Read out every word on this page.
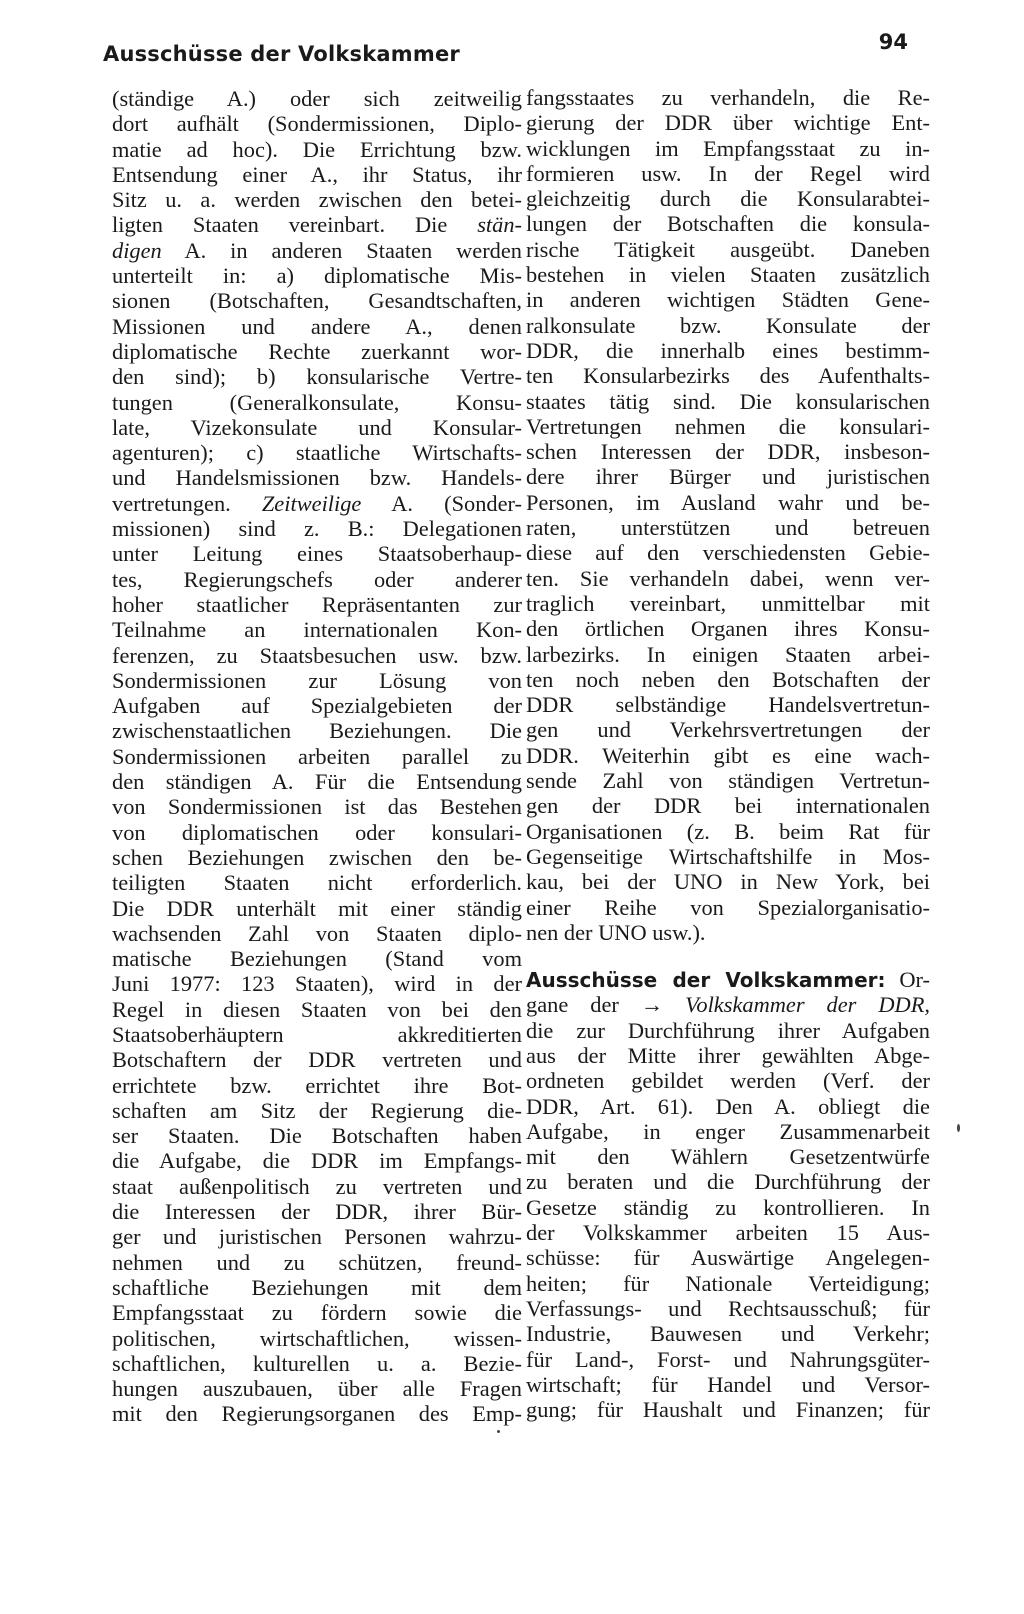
Ausschüsse der Volkskammer	94
(ständige A.) oder sich zeitweilig
dort aufhält (Sondermissionen, Diplo-
matie ad hoc). Die Errichtung bzw.
Entsendung einer A., ihr Status, ihr
Sitz u. a. werden zwischen den betei-
ligten Staaten vereinbart. Die stän-
digen A. in anderen Staaten werden
unterteilt in: a) diplomatische Mis-
sionen (Botschaften, Gesandtschaften,
Missionen und andere A., denen
diplomatische Rechte zuerkannt wor-
den sind); b) konsularische Vertre-
tungen (Generalkonsulate, Konsu-
late, Vizekonsulate und Konsular-
agenturen); c) staatliche Wirtschafts-
und Handelsmissionen bzw. Handels-
vertretungen. Zeitweilige A. (Sonder-
missionen) sind z. B.: Delegationen
unter Leitung eines Staatsoberhaup-
tes, Regierungschefs oder anderer
hoher staatlicher Repräsentanten zur
Teilnahme an internationalen Kon-
ferenzen, zu Staatsbesuchen usw. bzw.
Sondermissionen zur Lösung von
Aufgaben auf Spezialgebieten der
zwischenstaatlichen Beziehungen. Die
Sondermissionen arbeiten parallel zu
den ständigen A. Für die Entsendung
von Sondermissionen ist das Bestehen
von diplomatischen oder konsulari-
schen Beziehungen zwischen den be-
teiligten Staaten nicht erforderlich.
Die DDR unterhält mit einer ständig
wachsenden Zahl von Staaten diplo-
matische Beziehungen (Stand vom
Juni 1977: 123 Staaten), wird in der
Regel in diesen Staaten von bei den
Staatsoberhäuptern akkreditierten
Botschaftern der DDR vertreten und
errichtete bzw. errichtet ihre Bot-
schaften am Sitz der Regierung die-
ser Staaten. Die Botschaften haben
die Aufgabe, die DDR im Empfangs-
staat außenpolitisch zu vertreten und
die Interessen der DDR, ihrer Bür-
ger und juristischen Personen wahrzu-
nehmen und zu schützen, freund-
schaftliche Beziehungen mit dem
Empfangsstaat zu fördern sowie die
politischen, wirtschaftlichen, wissen-
schaftlichen, kulturellen u. a. Bezie-
hungen auszubauen, über alle Fragen
mit den Regierungsorganen des Emp-
fangsstaates zu verhandeln, die Re-
gierung der DDR über wichtige Ent-
wicklungen im Empfangsstaat zu in-
formieren usw. In der Regel wird
gleichzeitig durch die Konsularabtei-
lungen der Botschaften die konsula-
rische Tätigkeit ausgeübt. Daneben
bestehen in vielen Staaten zusätzlich
in anderen wichtigen Städten Gene-
ralkonsulate bzw. Konsulate der
DDR, die innerhalb eines bestimm-
ten Konsularbezirks des Aufenthalts-
staates tätig sind. Die konsularischen
Vertretungen nehmen die konsulari-
schen Interessen der DDR, insbeson-
dere ihrer Bürger und juristischen
Personen, im Ausland wahr und be-
raten, unterstützen und betreuen
diese auf den verschiedensten Gebie-
ten. Sie verhandeln dabei, wenn ver-
traglich vereinbart, unmittelbar mit
den örtlichen Organen ihres Konsu-
larbezirks. In einigen Staaten arbei-
ten noch neben den Botschaften der
DDR selbständige Handelsvertretun-
gen und Verkehrsvertretungen der
DDR. Weiterhin gibt es eine wach-
sende Zahl von ständigen Vertretun-
gen der DDR bei internationalen
Organisationen (z. B. beim Rat für
Gegenseitige Wirtschaftshilfe in Mos-
kau, bei der UNO in New York, bei
einer Reihe von Spezialorganisatio-
nen der UNO usw.).
Ausschüsse der Volkskammer: Or-
gane der → Volkskammer der DDR,
die zur Durchführung ihrer Aufgaben
aus der Mitte ihrer gewählten Abge-
ordneten gebildet werden (Verf. der
DDR, Art. 61). Den A. obliegt die
Aufgabe, in enger Zusammenarbeit
mit den Wählern Gesetzentwürfe
zu beraten und die Durchführung der
Gesetze ständig zu kontrollieren. In
der Volkskammer arbeiten 15 Aus-
schüsse: für Auswärtige Angelegen-
heiten; für Nationale Verteidigung;
Verfassungs- und Rechtsausschuß; für
Industrie, Bauwesen und Verkehr;
für Land-, Forst- und Nahrungsgüter-
wirtschaft; für Handel und Versor-
gung; für Haushalt und Finanzen; für
